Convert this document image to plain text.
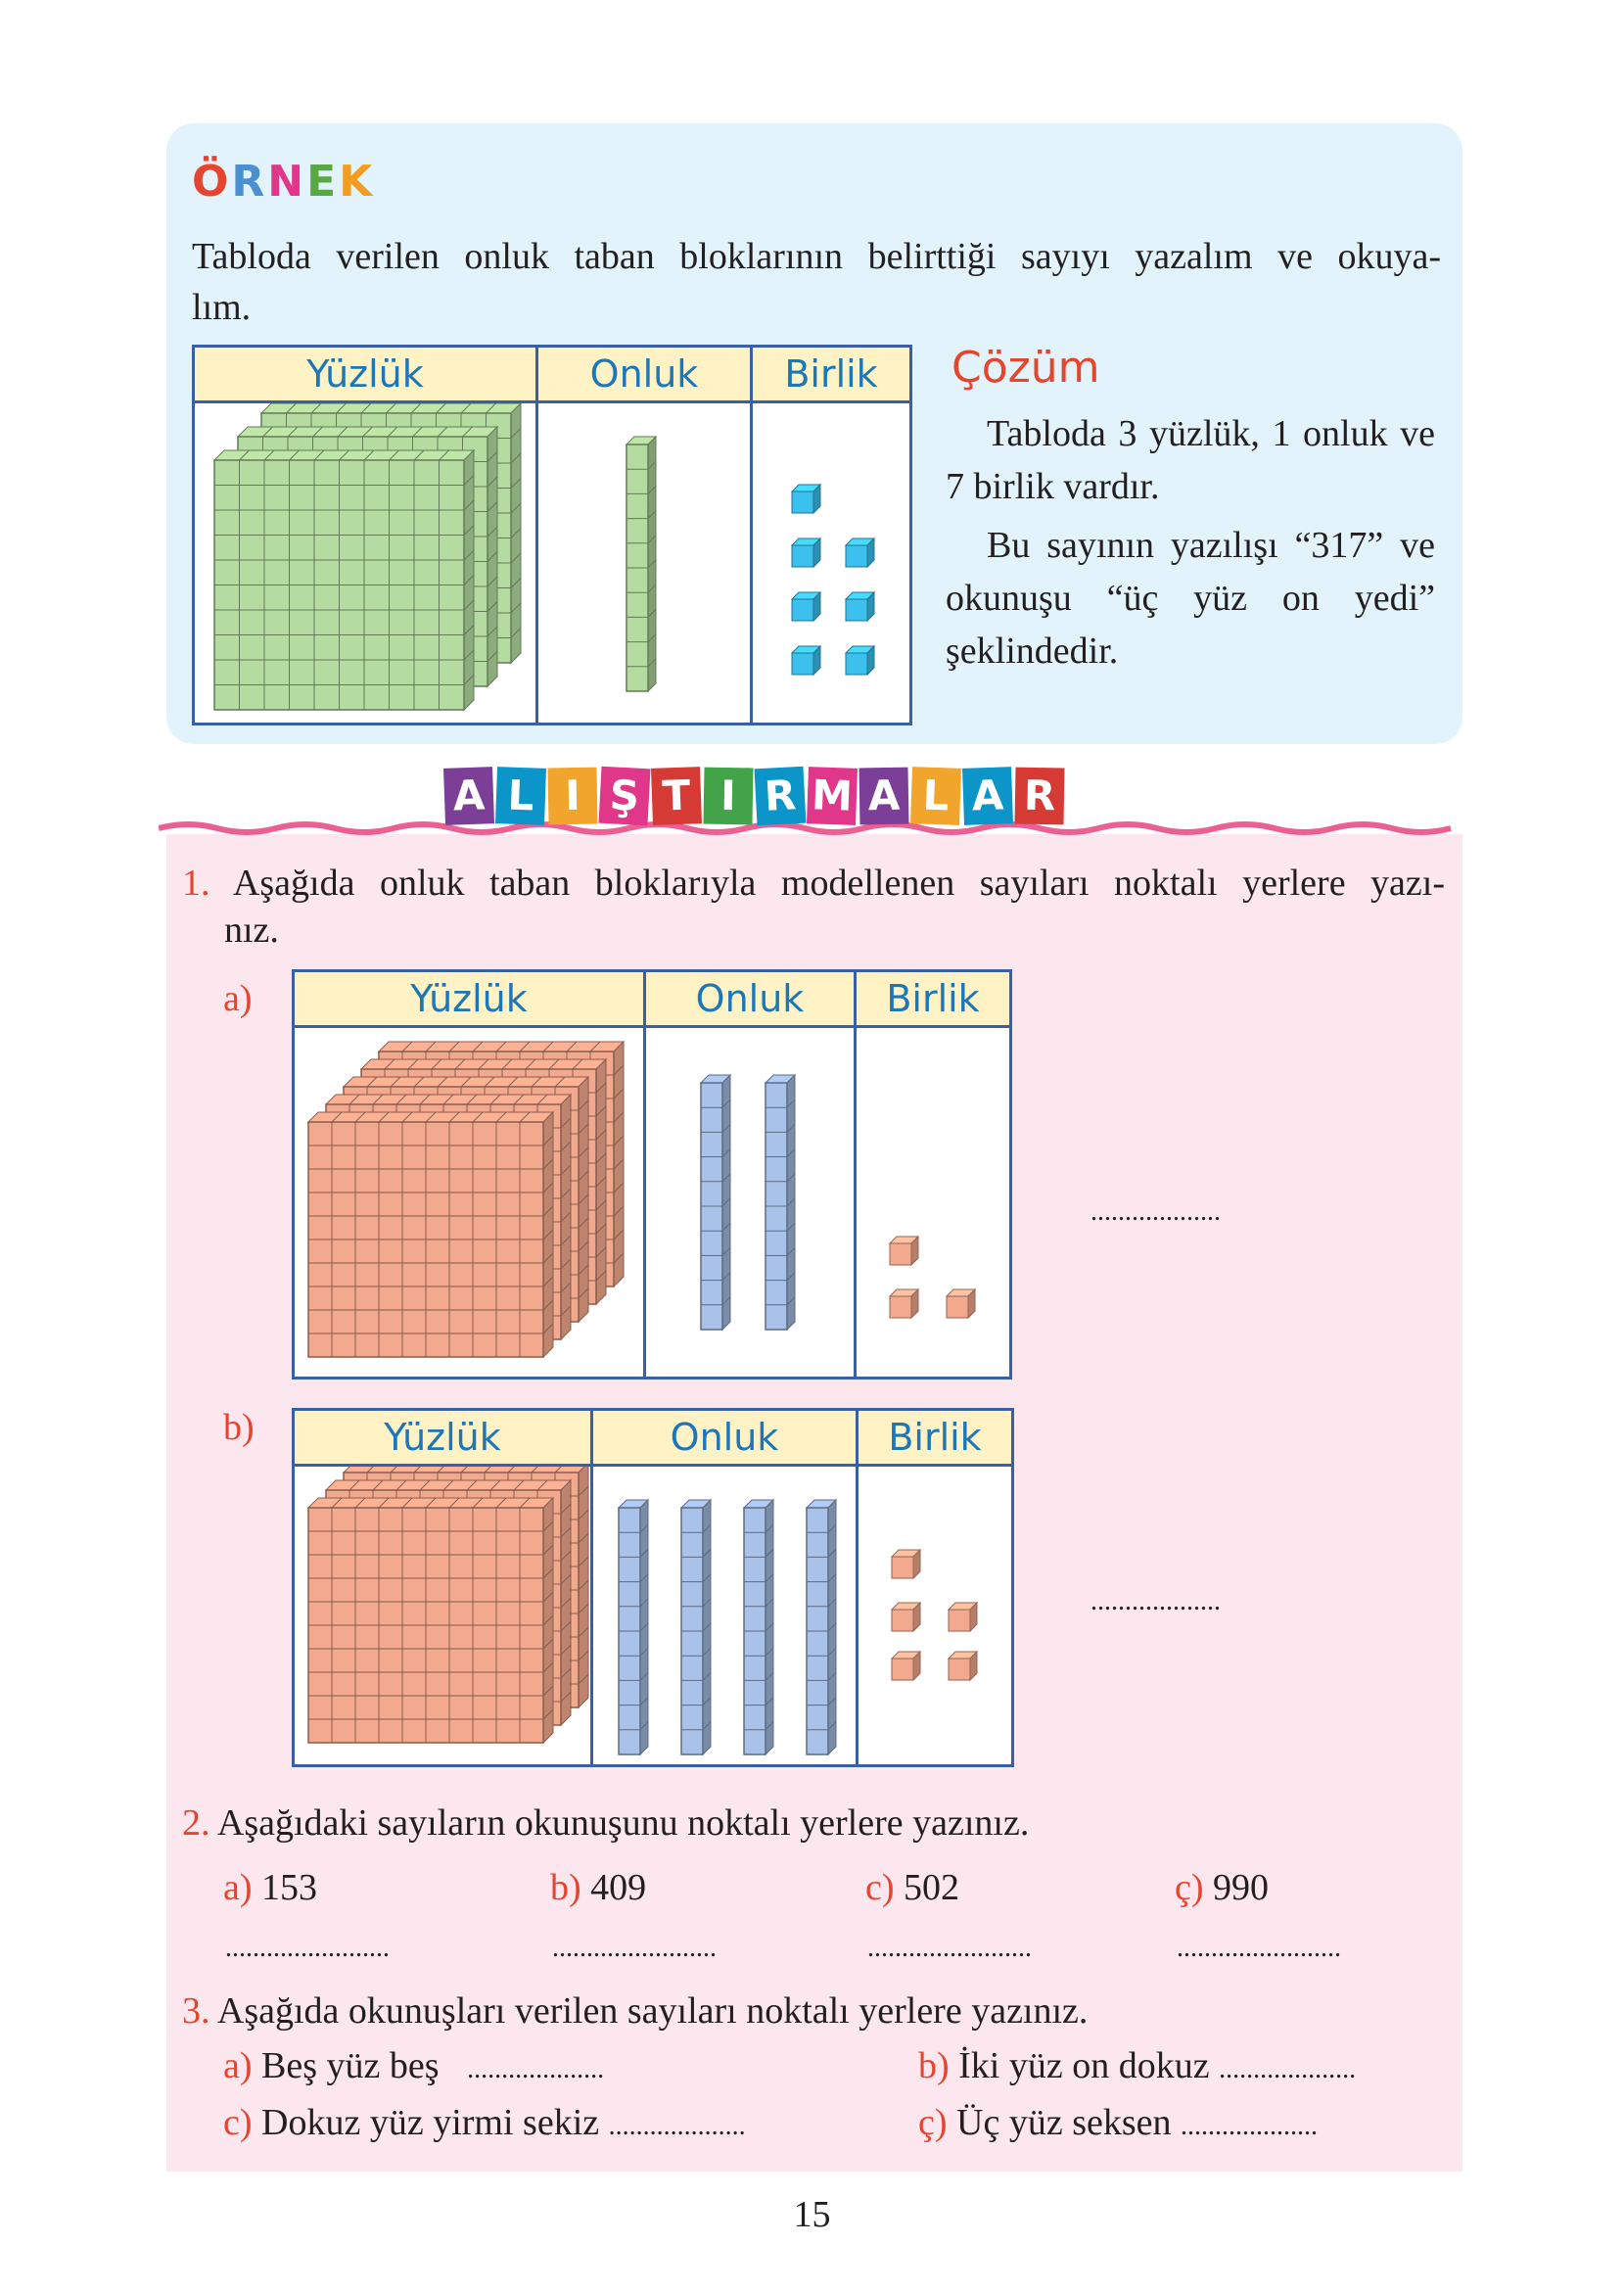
ÖRNEK
Tabloda verilen onluk taban bloklarının belirttiği sayıyı yazalım ve okuya-
lım.
Yüzlük	Onluk	Birlik

	Çözüm
Tabloda 3 yüzlük, 1 onluk ve 7 birlik vardır.
Bu sayının yazılışı “317” ve okunuşu “üç yüz on yedi” şeklindedir.
A L I Ş T I R M A L A R
1. Aşağıda onluk taban bloklarıyla modellenen sayıları noktalı yerlere yazı-
nız.
a)	Yüzlük	Onluk	Birlik

...................
b)	Yüzlük	Onluk	Birlik

...................
2. Aşağıdaki sayıların okunuşunu noktalı yerlere yazınız.
a) 153	b) 409	c) 502	ç) 990
........................	........................	........................	........................
3. Aşağıda okunuşları verilen sayıları noktalı yerlere yazınız.
a) Beş yüz beş ....................	b) İki yüz on dokuz ....................
c) Dokuz yüz yirmi sekiz ....................	ç) Üç yüz seksen ....................
15
